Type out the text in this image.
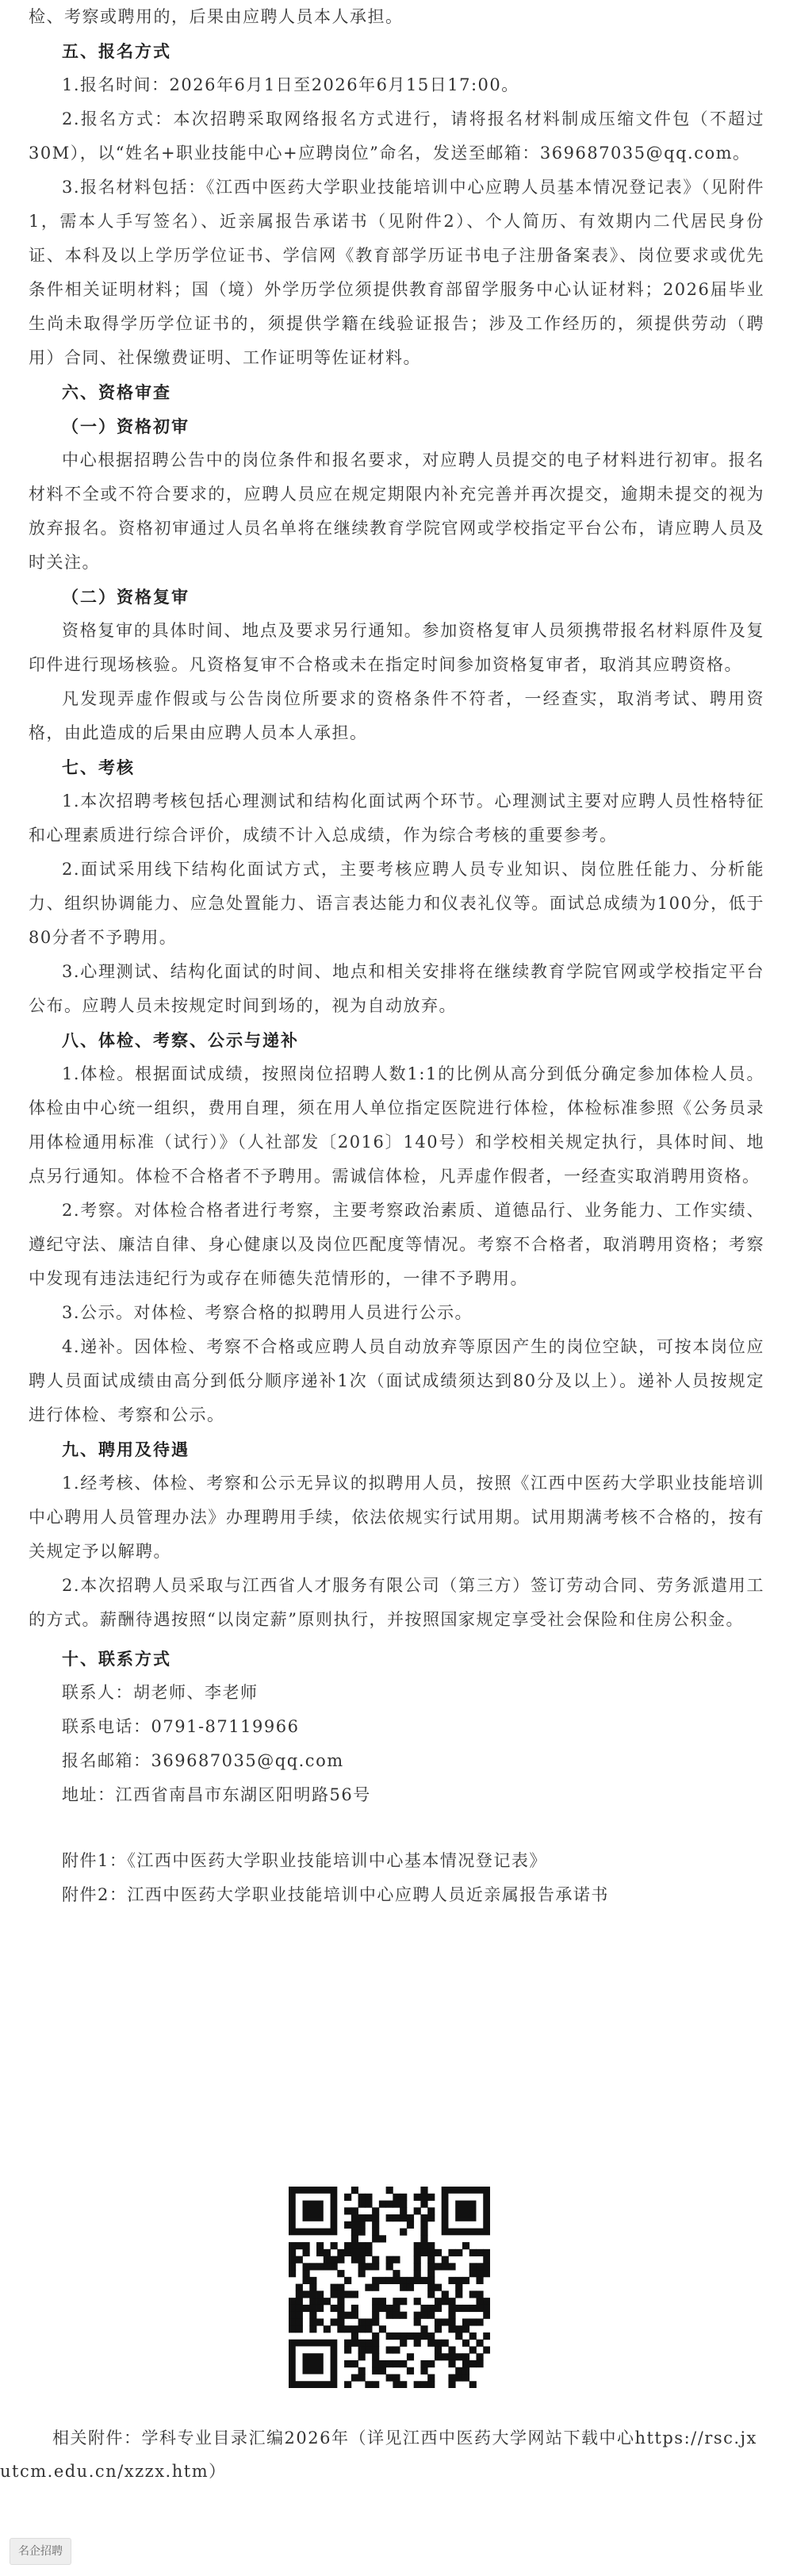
检、考察或聘用的，后果由应聘人员本人承担。

五、报名方式

1.报名时间：2026年6月1日至2026年6月15日17:00。

2.报名方式：本次招聘采取网络报名方式进行，请将报名材料制成压缩文件包（不超过30M），以“姓名+职业技能中心+应聘岗位”命名，发送至邮箱：369687035@qq.com。

3.报名材料包括：《江西中医药大学职业技能培训中心应聘人员基本情况登记表》（见附件1，需本人手写签名）、近亲属报告承诺书（见附件2）、个人简历、有效期内二代居民身份证、本科及以上学历学位证书、学信网《教育部学历证书电子注册备案表》、岗位要求或优先条件相关证明材料；国（境）外学历学位须提供教育部留学服务中心认证材料；2026届毕业生尚未取得学历学位证书的，须提供学籍在线验证报告；涉及工作经历的，须提供劳动（聘用）合同、社保缴费证明、工作证明等佐证材料。

六、资格审查

（一）资格初审

中心根据招聘公告中的岗位条件和报名要求，对应聘人员提交的电子材料进行初审。报名材料不全或不符合要求的，应聘人员应在规定期限内补充完善并再次提交，逾期未提交的视为放弃报名。资格初审通过人员名单将在继续教育学院官网或学校指定平台公布，请应聘人员及时关注。

（二）资格复审

资格复审的具体时间、地点及要求另行通知。参加资格复审人员须携带报名材料原件及复印件进行现场核验。凡资格复审不合格或未在指定时间参加资格复审者，取消其应聘资格。

凡发现弄虚作假或与公告岗位所要求的资格条件不符者，一经查实，取消考试、聘用资格，由此造成的后果由应聘人员本人承担。

七、考核

1.本次招聘考核包括心理测试和结构化面试两个环节。心理测试主要对应聘人员性格特征和心理素质进行综合评价，成绩不计入总成绩，作为综合考核的重要参考。

2.面试采用线下结构化面试方式，主要考核应聘人员专业知识、岗位胜任能力、分析能力、组织协调能力、应急处置能力、语言表达能力和仪表礼仪等。面试总成绩为100分，低于80分者不予聘用。

3.心理测试、结构化面试的时间、地点和相关安排将在继续教育学院官网或学校指定平台公布。应聘人员未按规定时间到场的，视为自动放弃。

八、体检、考察、公示与递补

1.体检。根据面试成绩，按照岗位招聘人数1:1的比例从高分到低分确定参加体检人员。体检由中心统一组织，费用自理，须在用人单位指定医院进行体检，体检标准参照《公务员录用体检通用标准（试行）》（人社部发〔2016〕140号）和学校相关规定执行，具体时间、地点另行通知。体检不合格者不予聘用。需诚信体检，凡弄虚作假者，一经查实取消聘用资格。

2.考察。对体检合格者进行考察，主要考察政治素质、道德品行、业务能力、工作实绩、遵纪守法、廉洁自律、身心健康以及岗位匹配度等情况。考察不合格者，取消聘用资格；考察中发现有违法违纪行为或存在师德失范情形的，一律不予聘用。

3.公示。对体检、考察合格的拟聘用人员进行公示。

4.递补。因体检、考察不合格或应聘人员自动放弃等原因产生的岗位空缺，可按本岗位应聘人员面试成绩由高分到低分顺序递补1次（面试成绩须达到80分及以上）。递补人员按规定进行体检、考察和公示。

九、聘用及待遇

1.经考核、体检、考察和公示无异议的拟聘用人员，按照《江西中医药大学职业技能培训中心聘用人员管理办法》办理聘用手续，依法依规实行试用期。试用期满考核不合格的，按有关规定予以解聘。

2.本次招聘人员采取与江西省人才服务有限公司（第三方）签订劳动合同、劳务派遣用工的方式。薪酬待遇按照“以岗定薪”原则执行，并按照国家规定享受社会保险和住房公积金。

十、联系方式

联系人：胡老师、李老师

联系电话：0791-87119966

报名邮箱：369687035@qq.com

地址：江西省南昌市东湖区阳明路56号

附件1：《江西中医药大学职业技能培训中心基本情况登记表》

附件2：江西中医药大学职业技能培训中心应聘人员近亲属报告承诺书

相关附件：学科专业目录汇编2026年（详见江西中医药大学网站下载中心https://rsc.jxutcm.edu.cn/xzzx.htm）

名企招聘
